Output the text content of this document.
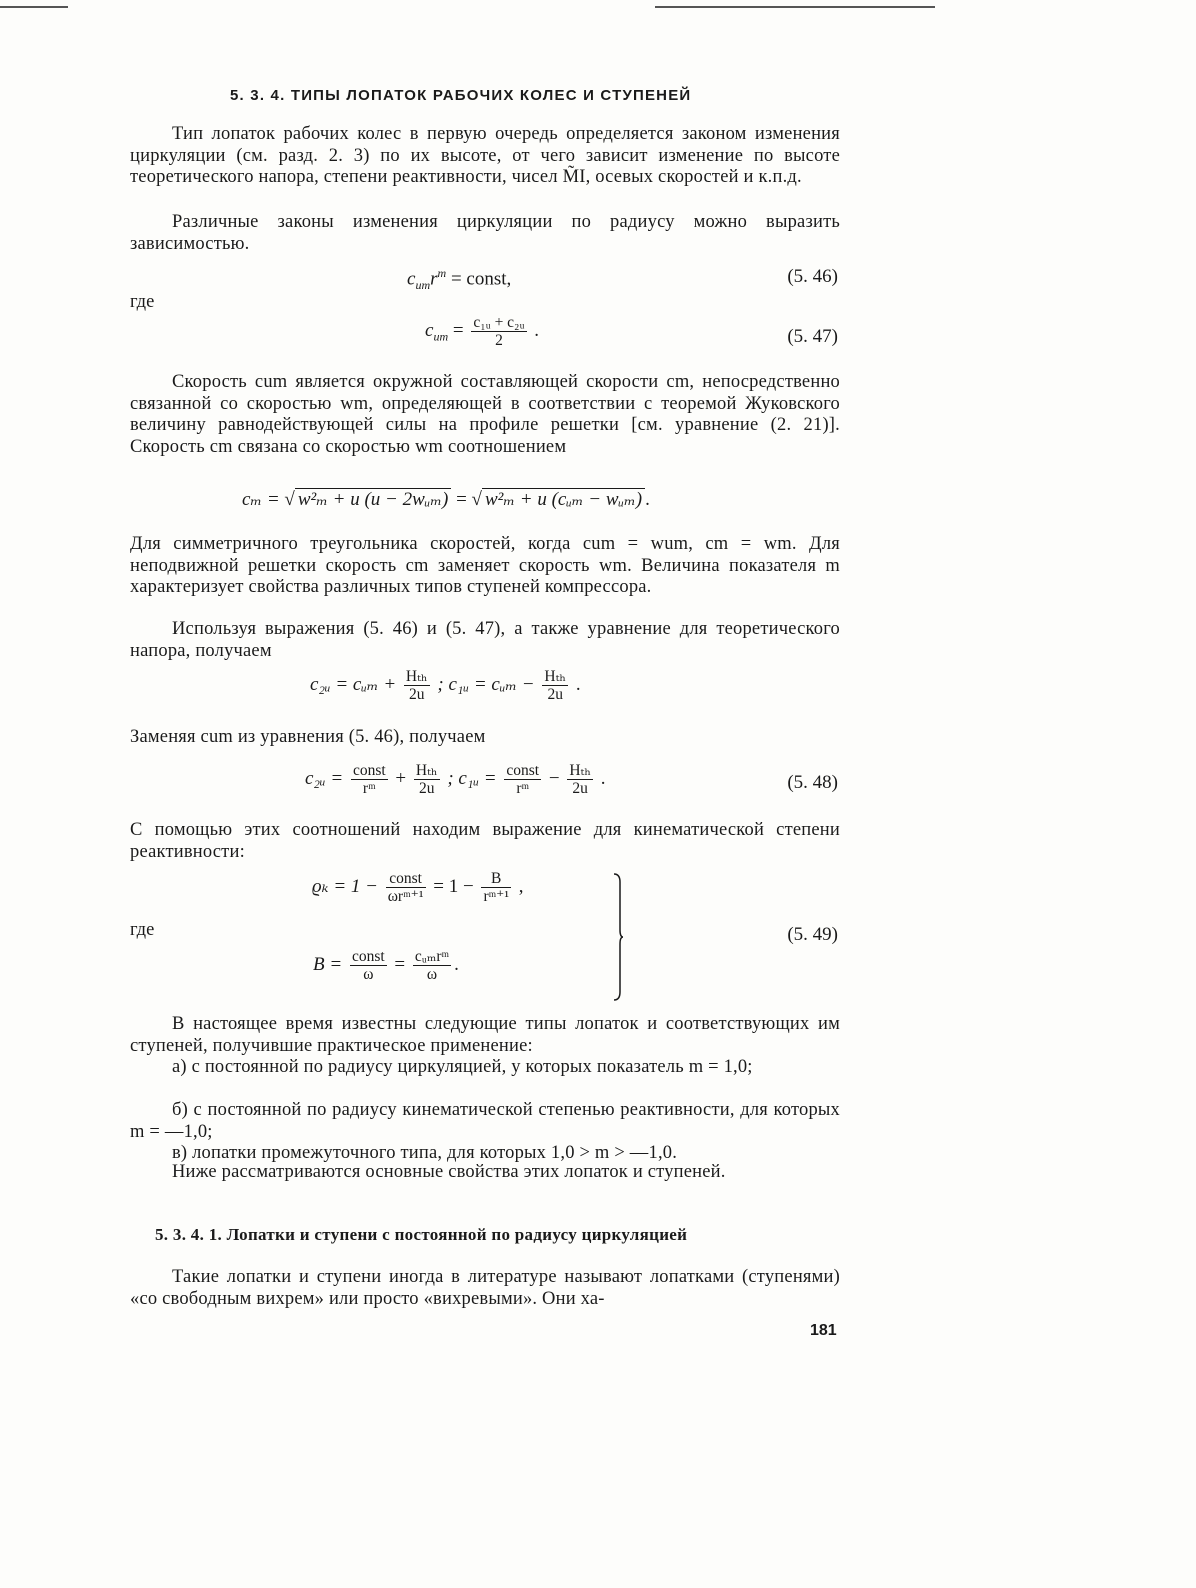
5. 3. 4. ТИПЫ ЛОПАТОК РАБОЧИХ КОЛЕС И СТУПЕНЕЙ
Тип лопаток рабочих колес в первую очередь определяется законом изменения циркуляции (см. разд. 2. 3) по их высоте, от чего зависит изменение по высоте теоретического напора, степени реактивности, чисел M̃I, осевых скоростей и к.п.д.
Различные законы изменения циркуляции по радиусу можно выразить зависимостью.
$c_{um}r^m$ = const,	(5. 46)
где
$c_{um} = \frac{\text{c₁ᵤ + c₂ᵤ}}{2}$ .	(5. 47)
Скорость cum является окружной составляющей скорости cm, непосредственно связанной со скоростью wm, определяющей в соответствии с теоремой Жуковского величину равнодействующей силы на профиле решетки [см. уравнение (2. 21)]. Скорость cm связана со скоростью wm соотношением
cₘ = √ w²ₘ + u (u − 2wᵤₘ) = √ w²ₘ + u (cᵤₘ − wᵤₘ) .
Для симметричного треугольника скоростей, когда cum = wum, cm = wm. Для неподвижной решетки скорость cm заменяет скорость wm. Величина показателя m характеризует свойства различных типов ступеней компрессора.
Используя выражения (5. 46) и (5. 47), а также уравнение для теоретического напора, получаем
c₂ᵤ = cᵤₘ + $\frac{\text{Hₜₕ}}{2u}$ ; c₁ᵤ = cᵤₘ − $\frac{\text{Hₜₕ}}{2u}$ .
Заменяя cum из уравнения (5. 46), получаем
c₂ᵤ = $\frac{\text{const}}{\text{rᵐ}} + \frac{\text{Hₜₕ}}{2u}$ ; c₁ᵤ = $\frac{\text{const}}{\text{rᵐ}} - \frac{\text{Hₜₕ}}{2u}$ .	(5. 48)
С помощью этих соотношений находим выражение для кинематической степени реактивности:
$ϱ_k = 1 - \frac{\text{const}}{\text{ωrᵐ⁺¹}} = 1 - \frac{B}{\text{rᵐ⁺¹}}$ ,
где
$B = \frac{\text{const}}{\omega} = \frac{\text{cᵤₘrᵐ}}{\omega}$ .
(5. 49)
В настоящее время известны следующие типы лопаток и соответствующих им ступеней, получившие практическое применение:
а) с постоянной по радиусу циркуляцией, у которых показатель m = 1,0;
б) с постоянной по радиусу кинематической степенью реактивности, для которых m = —1,0;
в) лопатки промежуточного типа, для которых 1,0 > m > —1,0.
Ниже рассматриваются основные свойства этих лопаток и ступеней.
5. 3. 4. 1. Лопатки и ступени с постоянной по радиусу циркуляцией
Такие лопатки и ступени иногда в литературе называют лопатками (ступенями) «со свободным вихрем» или просто «вихревыми». Они ха-
181
